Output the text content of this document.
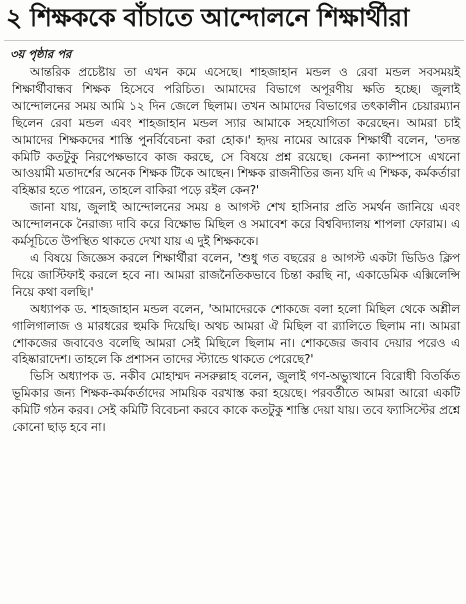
২ শিক্ষককে বাঁচাতে আন্দোলনে শিক্ষার্থীরা
৩য় পৃষ্ঠার পর

আন্তরিক প্রচেষ্টায় তা এখন কমে এসেছে। শাহজাহান মন্ডল ও রেবা মন্ডল সবসময়ই শিক্ষার্থীবান্ধব শিক্ষক হিসেবে পরিচিত। আমাদের বিভাগে অপূরণীয় ক্ষতি হচ্ছে। জুলাই আন্দোলনের সময় আমি ১২ দিন জেলে ছিলাম। তখন আমাদের বিভাগের তৎকালীন চেয়ারম্যান ছিলেন রেবা মন্ডল এবং শাহজাহান মন্ডল স্যার আমাকে সহযোগিতা করেছেন। আমরা চাই আমাদের শিক্ষকদের শাস্তি পুনর্বিবেচনা করা হোক।' হৃদয় নামের আরেক শিক্ষার্থী বলেন, 'তদন্ত কমিটি কতটুকু নিরপেক্ষভাবে কাজ করছে, সে বিষয়ে প্রশ্ন রয়েছে। কেননা ক্যাম্পাসে এখনো আওয়ামী মতাদর্শের অনেক শিক্ষক টিকে আছেন। শিক্ষক রাজনীতির জন্য যদি এ শিক্ষক, কর্মকর্তারা বহিষ্কার হতে পারেন, তাহলে বাকিরা পড়ে রইল কেন?'

জানা যায়, জুলাই আন্দোলনের সময় ৪ আগস্ট শেখ হাসিনার প্রতি সমর্থন জানিয়ে এবং আন্দোলনকে নৈরাজ্য দাবি করে বিক্ষোভ মিছিল ও সমাবেশ করে বিশ্ববিদ্যালয় শাপলা ফোরাম। এ কর্মসূচিতে উপস্থিত থাকতে দেখা যায় এ দুই শিক্ষককে।

এ বিষয়ে জিজ্ঞেস করলে শিক্ষার্থীরা বলেন, 'শুধু গত বছরের ৪ আগস্ট একটা ভিডিও ক্লিপ দিয়ে জাস্টিফাই করলে হবে না। আমরা রাজনৈতিকভাবে চিন্তা করছি না, একাডেমিক এক্সিলেন্সি নিয়ে কথা বলছি।'

অধ্যাপক ড. শাহজাহান মন্ডল বলেন, 'আমাদেরকে শোকজে বলা হলো মিছিল থেকে অশ্লীল গালিগালাজ ও মারধরের হুমকি দিয়েছি। অথচ আমরা ঐ মিছিল বা র‍্যালিতে ছিলাম না। আমরা শোকজের জবাবেও বলেছি আমরা সেই মিছিলে ছিলাম না। শোকজের জবাব দেয়ার পরেও এ বহিষ্কারাদেশ। তাহলে কি প্রশাসন তাদের স্ট্যান্ডে থাকতে পেরেছে?'

ভিসি অধ্যাপক ড. নকীব মোহাম্মদ নসরুল্লাহ বলেন, জুলাই গণ-অভ্যুত্থানে বিরোধী বিতর্কিত ভূমিকার জন্য শিক্ষক-কর্মকর্তাদের সাময়িক বরখাস্ত করা হয়েছে। পরবর্তীতে আমরা আরো একটি কমিটি গঠন করব। সেই কমিটি বিবেচনা করবে কাকে কতটুকু শাস্তি দেয়া যায়। তবে ফ্যাসিস্টের প্রশ্নে কোনো ছাড় হবে না।
